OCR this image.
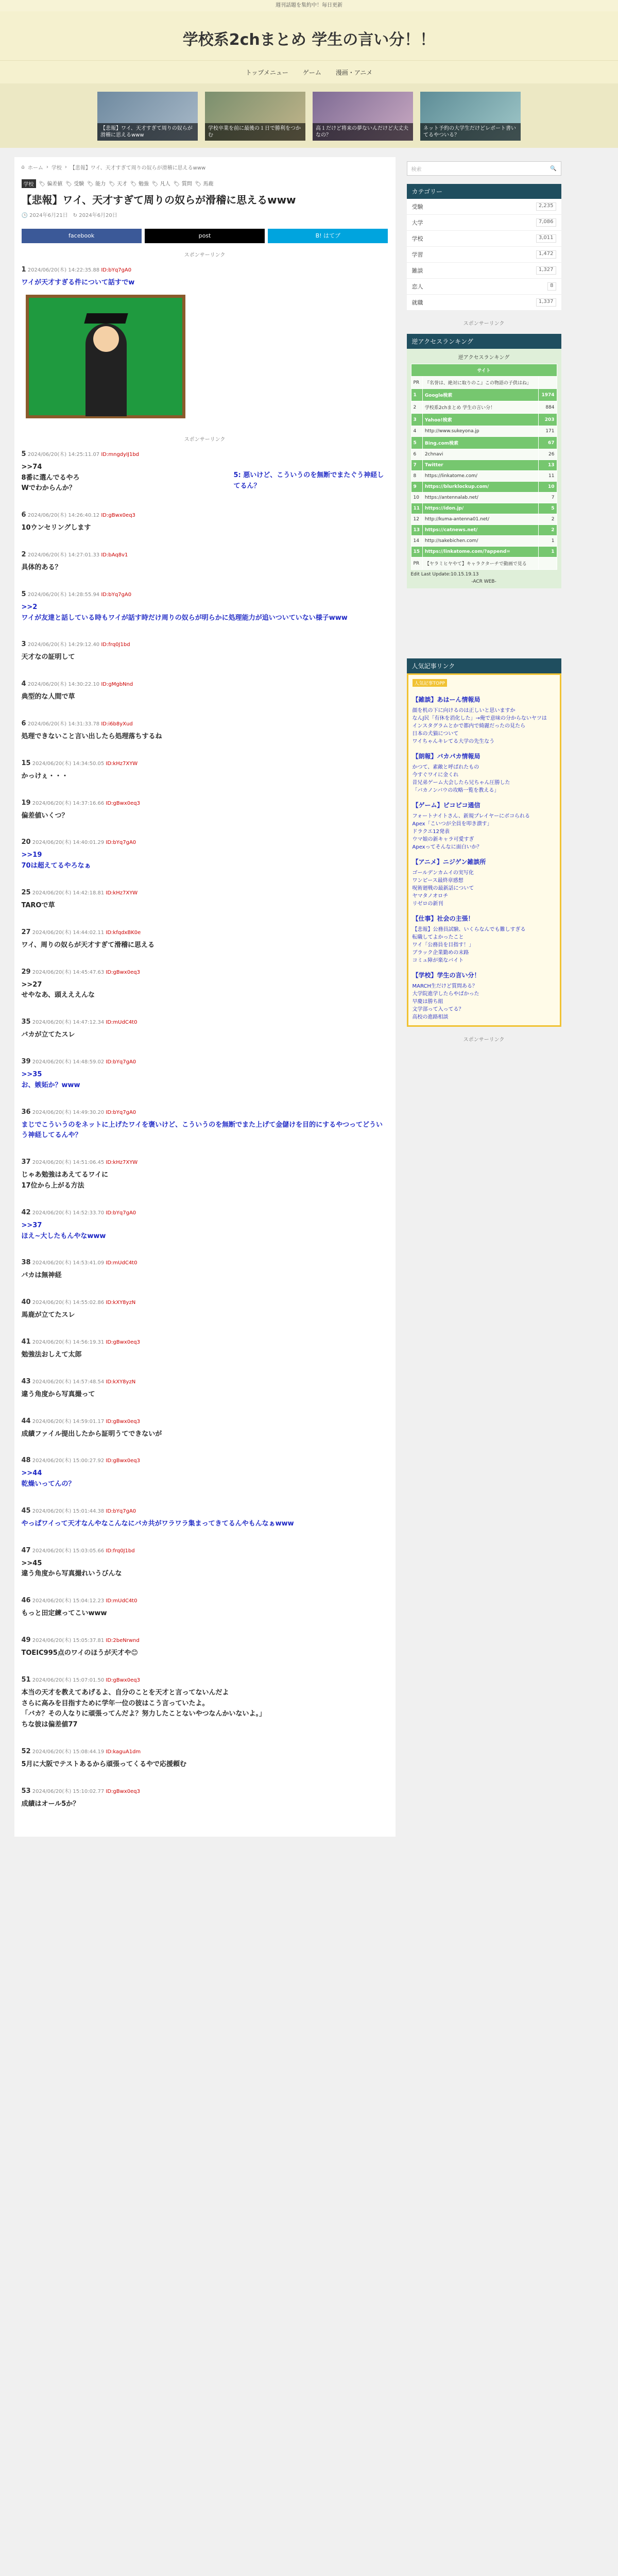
週刊話題を集約中！毎日更新
学校系2chまとめ 学生の言い分！！
トップメニュー ゲーム 漫画・アニメ
【悲報】ワイ、天才すぎて周りの奴らが滑稽に思えるwww
学校卒業を前に最後の１日で勝利をつかむ
高１だけど将来の夢ないんだけど大丈夫なの？
ネット予約の大学生だけどレポート書いてるやついる？
⌂ ホーム › 学校 › 【悲報】ワイ、天才すぎて周りの奴らが滑稽に思えるwww
学校	🏷 偏差値 🏷 受験 🏷 能力 🏷 天才 🏷 勉強 🏷 凡人 🏷 質問 🏷 馬鹿
【悲報】ワイ、天才すぎて周りの奴らが滑稽に思えるwww
🕒 2024年6月21日 ↻ 2024年6月20日
facebook	post	B! はてブ
スポンサーリンク
1 2024/06/20(木) 14:22:35.88 ID:bYq7gA0
ワイが天才すぎる件について話すでw
スポンサーリンク
5 2024/06/20(木) 14:25:11.07 ID:mngdyIJ1bd
>>74
8番に選んでるやろ
Wでわからんか？
5: 悪いけど、こういうのを無断でまたぐう神経してるん？
6 2024/06/20(木) 14:26:40.12 ID:gBwx0eq3
10ウンセリングします
2 2024/06/20(木) 14:27:01.33 ID:bAq8v1
具体的ある？
5 2024/06/20(木) 14:28:55.94 ID:bYq7gA0
>>2
ワイが友達と話している時もワイが話す時だけ周りの奴らが明らかに処理能力が追いついていない様子www
3 2024/06/20(木) 14:29:12.40 ID:frq0J1bd
天才なの証明して
4 2024/06/20(木) 14:30:22.10 ID:gMgbNnd
典型的な人間で草
6 2024/06/20(木) 14:31:33.78 ID:i6b8yXud
処理できないこと言い出したら処理落ちするね
15 2024/06/20(木) 14:34:50.05 ID:kHz7XYW
かっけぇ・・・
19 2024/06/20(木) 14:37:16.66 ID:gBwx0eq3
偏差値いくつ？
20 2024/06/20(木) 14:40:01.29 ID:bYq7gA0
>>19
70は超えてるやろなぁ
25 2024/06/20(木) 14:42:18.81 ID:kHz7XYW
TAROで草
27 2024/06/20(木) 14:44:02.11 ID:kfqdxBK0e
ワイ、周りの奴らが天才すぎて滑稽に思える
29 2024/06/20(木) 14:45:47.63 ID:gBwx0eq3
>>27
せやなあ、頭えええんな
35 2024/06/20(木) 14:47:12.34 ID:mUdC4t0
バカが立てたスレ
39 2024/06/20(木) 14:48:59.02 ID:bYq7gA0
>>35
お、嫉妬か？www
36 2024/06/20(木) 14:49:30.20 ID:bYq7gA0
まじでこういうのをネットに上げたワイを褒いけど、こういうのを無断でまた上げて金儲けを目的にするやつってどういう神経してるんや？
37 2024/06/20(木) 14:51:06.45 ID:kHz7XYW
じゃあ勉強はあえてるワイに
17位から上がる方法
42 2024/06/20(木) 14:52:33.70 ID:bYq7gA0
>>37
ほえ~大したもんやなwww
38 2024/06/20(木) 14:53:41.09 ID:mUdC4t0
バカは無神経
40 2024/06/20(木) 14:55:02.86 ID:kXY8yzN
馬鹿が立てたスレ
41 2024/06/20(木) 14:56:19.31 ID:gBwx0eq3
勉強法おしえて太郎
43 2024/06/20(木) 14:57:48.54 ID:kXY8yzN
違う角度から写真撮って
44 2024/06/20(木) 14:59:01.17 ID:gBwx0eq3
成績ファイル提出したから証明うてできないが
48 2024/06/20(木) 15:00:27.92 ID:gBwx0eq3
>>44
乾燥いってんの？
45 2024/06/20(木) 15:01:44.38 ID:bYq7gA0
やっぱワイって天才なんやなこんなにバカ共がワラワラ集まってきてるんやもんなぁwww
47 2024/06/20(木) 15:03:05.66 ID:frq0J1bd
>>45
違う角度から写真撮れいうびんな
46 2024/06/20(木) 15:04:12.23 ID:mUdC4t0
もっと田定練ってこいwww
49 2024/06/20(木) 15:05:37.81 ID:2beNrwnd
TOEIC995点のワイのほうが天才や😊
51 2024/06/20(木) 15:07:01.50 ID:gBwx0eq3
本当の天才を教えてあげるよ、自分のことを天才と言ってないんだよ
さらに高みを目指すために学年一位の彼はこう言っていたよ。
「バカ？その人なりに頑張ってんだよ？努力したことないやつなんかいないよ。」
ちな彼は偏差値77
52 2024/06/20(木) 15:08:44.19 ID:kaguA1dm
5月に大阪でテストあるから頑張ってくるやで応援頼む
53 2024/06/20(木) 15:10:02.77 ID:gBwx0eq3
成績はオール5か？
検索	🔍
カテゴリー
受験	2,235
大学	7,086
学校	3,011
学習	1,472
雑談	1,327
恋人	8
就職	1,337
スポンサーリンク
逆アクセスランキング
逆アクセスランキング
サイト		
PR	『名誉は、絶対に取りのこ』この物語の子供はね」	
1	Google検索	1974
2	学校系2chまとめ 学生の言い分！	884
3	Yahoo!検索	203
4	http://www.sukeyona.jp	171
5	Bing.com検索	67
6	2chnavi	26
7	Twitter	13
8	https://linkatome.com/	11
9	https://blurklockup.com/	10
10	https://antennalab.net/	7
11	https://idon.jp/	5
12	http://kuma-antenna01.net/	2
13	https://catnews.net/	2
14	http://sakebichen.com/	1
15	https://linkatome.com/?append=	1
PR	【ヤラミヒヤやて】キャラクターチで動画で見る	
Edit Last Update:10.15.19.13
-ACR WEB-
人気記事リンク
人気記事TOPP
【雑談】あはーん情報局
顔を机の下に向けるのは正しいと思いますか
なんJ民「有休を消化した」→俺で意味の分からないヤツは
インスタグラムとかで都内で綺麗だったの見たら
日本の犬猫について
ワイちゃんキレてる大学の先生なう
【朗報】バカパカ情報局
かつて、素敵と呼ばれたもの
今すぐワイに金くれ
昔兄弟ゲーム大会したら兄ちゃん圧勝した
「バカノンバウの攻略一覧を教える」
【ゲーム】ピコピコ通信
フォートナイトさん、新規プレイヤーにボコられる
Apex「こいつが全員を叩き潰す」
ドラクエ12発表
ウマ娘の新キャラ可愛すぎ
Apexってそんなに面白いか？
【アニメ】ニジゲン雑談所
ゴールデンカムイの実写化
ワンピース最終章感想
呪術廻戦の最新話について
ヤマタノオロチ
リゼロの新刊
【仕事】社会の主張！
【悲報】公務員試験、いくらなんでも難しすぎる
転職してよかったこと
ワイ「公務員を目指す！」
ブラック企業勤めの末路
コミュ障が楽なバイト
【学校】学生の言い分！
MARCH生だけど質問ある？
大学院進学したらやばかった
早慶は勝ち組
文学部って入ってる？
高校の進路相談
スポンサーリンク
